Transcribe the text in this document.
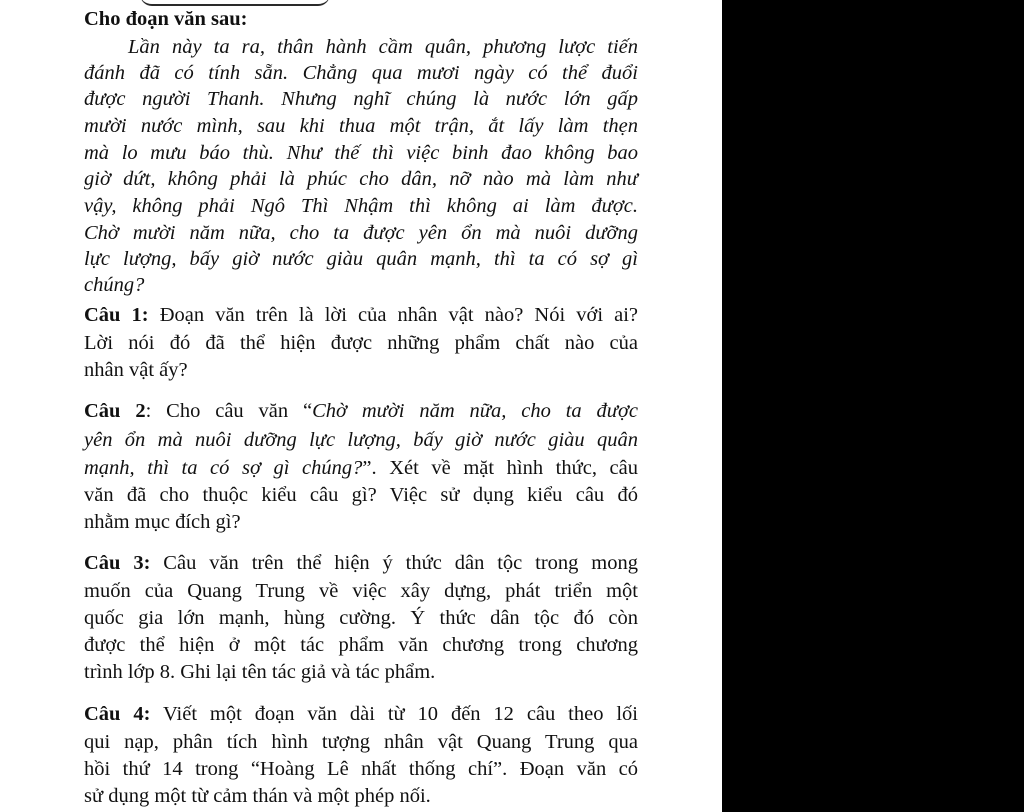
Cho đoạn văn sau:
Lần này ta ra, thân hành cầm quân, phương lược tiến
đánh đã có tính sẵn. Chẳng qua mươi ngày có thể đuổi
được người Thanh. Nhưng nghĩ chúng là nước lớn gấp
mười nước mình, sau khi thua một trận, ắt lấy làm thẹn
mà lo mưu báo thù. Như thế thì việc binh đao không bao
giờ dứt, không phải là phúc cho dân, nỡ nào mà làm như
vậy, không phải Ngô Thì Nhậm thì không ai làm được.
Chờ mười năm nữa, cho ta được yên ổn mà nuôi dưỡng
lực lượng, bấy giờ nước giàu quân mạnh, thì ta có sợ gì
chúng?
Câu 1: Đoạn văn trên là lời của nhân vật nào? Nói với ai?
Lời nói đó đã thể hiện được những phẩm chất nào của
nhân vật ấy?
Câu 2: Cho câu văn “Chờ mười năm nữa, cho ta được
yên ổn mà nuôi dưỡng lực lượng, bấy giờ nước giàu quân
mạnh, thì ta có sợ gì chúng?”. Xét về mặt hình thức, câu
văn đã cho thuộc kiểu câu gì? Việc sử dụng kiểu câu đó
nhằm mục đích gì?
Câu 3: Câu văn trên thể hiện ý thức dân tộc trong mong
muốn của Quang Trung về việc xây dựng, phát triển một
quốc gia lớn mạnh, hùng cường. Ý thức dân tộc đó còn
được thể hiện ở một tác phẩm văn chương trong chương
trình lớp 8. Ghi lại tên tác giả và tác phẩm.
Câu 4: Viết một đoạn văn dài từ 10 đến 12 câu theo lối
qui nạp, phân tích hình tượng nhân vật Quang Trung qua
hồi thứ 14 trong “Hoàng Lê nhất thống chí”. Đoạn văn có
sử dụng một từ cảm thán và một phép nối.
